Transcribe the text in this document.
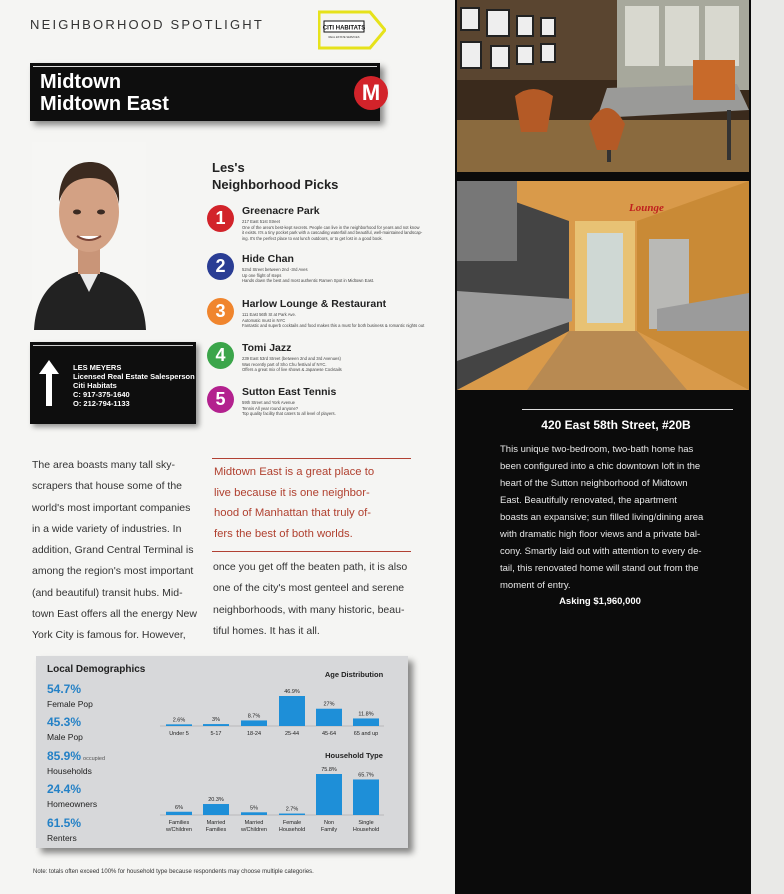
NEIGHBORHOOD SPOTLIGHT	CITI HABITATS
REAL ESTATE SERVICES
Midtown
Midtown East	M
LES MEYERS
Licensed Real Estate Salesperson
Citi Habitats
C: 917-375-1640
O: 212-794-1133
Les's
Neighborhood Picks
1	Greenacre Park
217 East 51st Street
One of the area's best-kept secrets. People can live in the neighborhood for years and not know
it exists. It's a tiny pocket park with a cascading waterfall and beautiful, well-maintained landscap-
ing. It's the perfect place to eat lunch outdoors, or to get lost in a good book.
2	Hide Chan
52nd Street between 2nd -3rd Aves
Up one flight of steps
Hands down the best and most authentic Ramen Spot in Midtown East.
3	Harlow Lounge & Restaurant
111 East 56th St at Park Ave.
Automatic must in NYC
Fantastic and superb cocktails and food makes this a must for both business & romantic nights out
4	Tomi Jazz
239 East 53rd Street (between 2nd and 3rd Avenues)
Was recently part of Sho Chu festival of NYC.
Offers a great mix of live shows & Japanese Cocktails
5	Sutton East Tennis
59th Street and York Avenue
Tennis All year round anyone?
Top quality facility that caters to all level of players.
The area boasts many tall sky-
scrapers that house some of the
world's most important companies
in a wide variety of industries. In
addition, Grand Central Terminal is
among the region's most important
(and beautiful) transit hubs. Mid-
town East offers all the energy New
York City is famous for. However,
Midtown East is a great place to
live because it is one neighbor-
hood of Manhattan that truly of-
fers the best of both worlds.
once you get off the beaten path, it is also
one of the city's most genteel and serene
neighborhoods, with many historic, beau-
tiful homes. It has it all.
Local Demographics
54.7%
Female Pop
45.3%
Male Pop
85.9% occupied
Households
24.4%
Homeowners
61.5%
Renters
Age Distribution
2.6%
Under 5
3%
5-17
8.7%
18-24
46.9%
25-44
27%
45-64
11.8%
65 and up
Household Type
6%
Families
w/Children
20.3%
Married
Families
5%
Married
w/Children
2.7%
Female
Household
75.8%
Non
Family
65.7%
Single
Household
Note: totals often exceed 100% for household type because respondents may choose multiple categories.
Lounge
420 East 58th Street, #20B
This unique two-bedroom, two-bath home has
been configured into a chic downtown loft in the
heart of the Sutton neighborhood of Midtown
East. Beautifully renovated, the apartment
boasts an expansive; sun filled living/dining area
with dramatic high floor views and a private bal-
cony. Smartly laid out with attention to every de-
tail, this renovated home will stand out from the
moment of entry.
Asking $1,960,000
